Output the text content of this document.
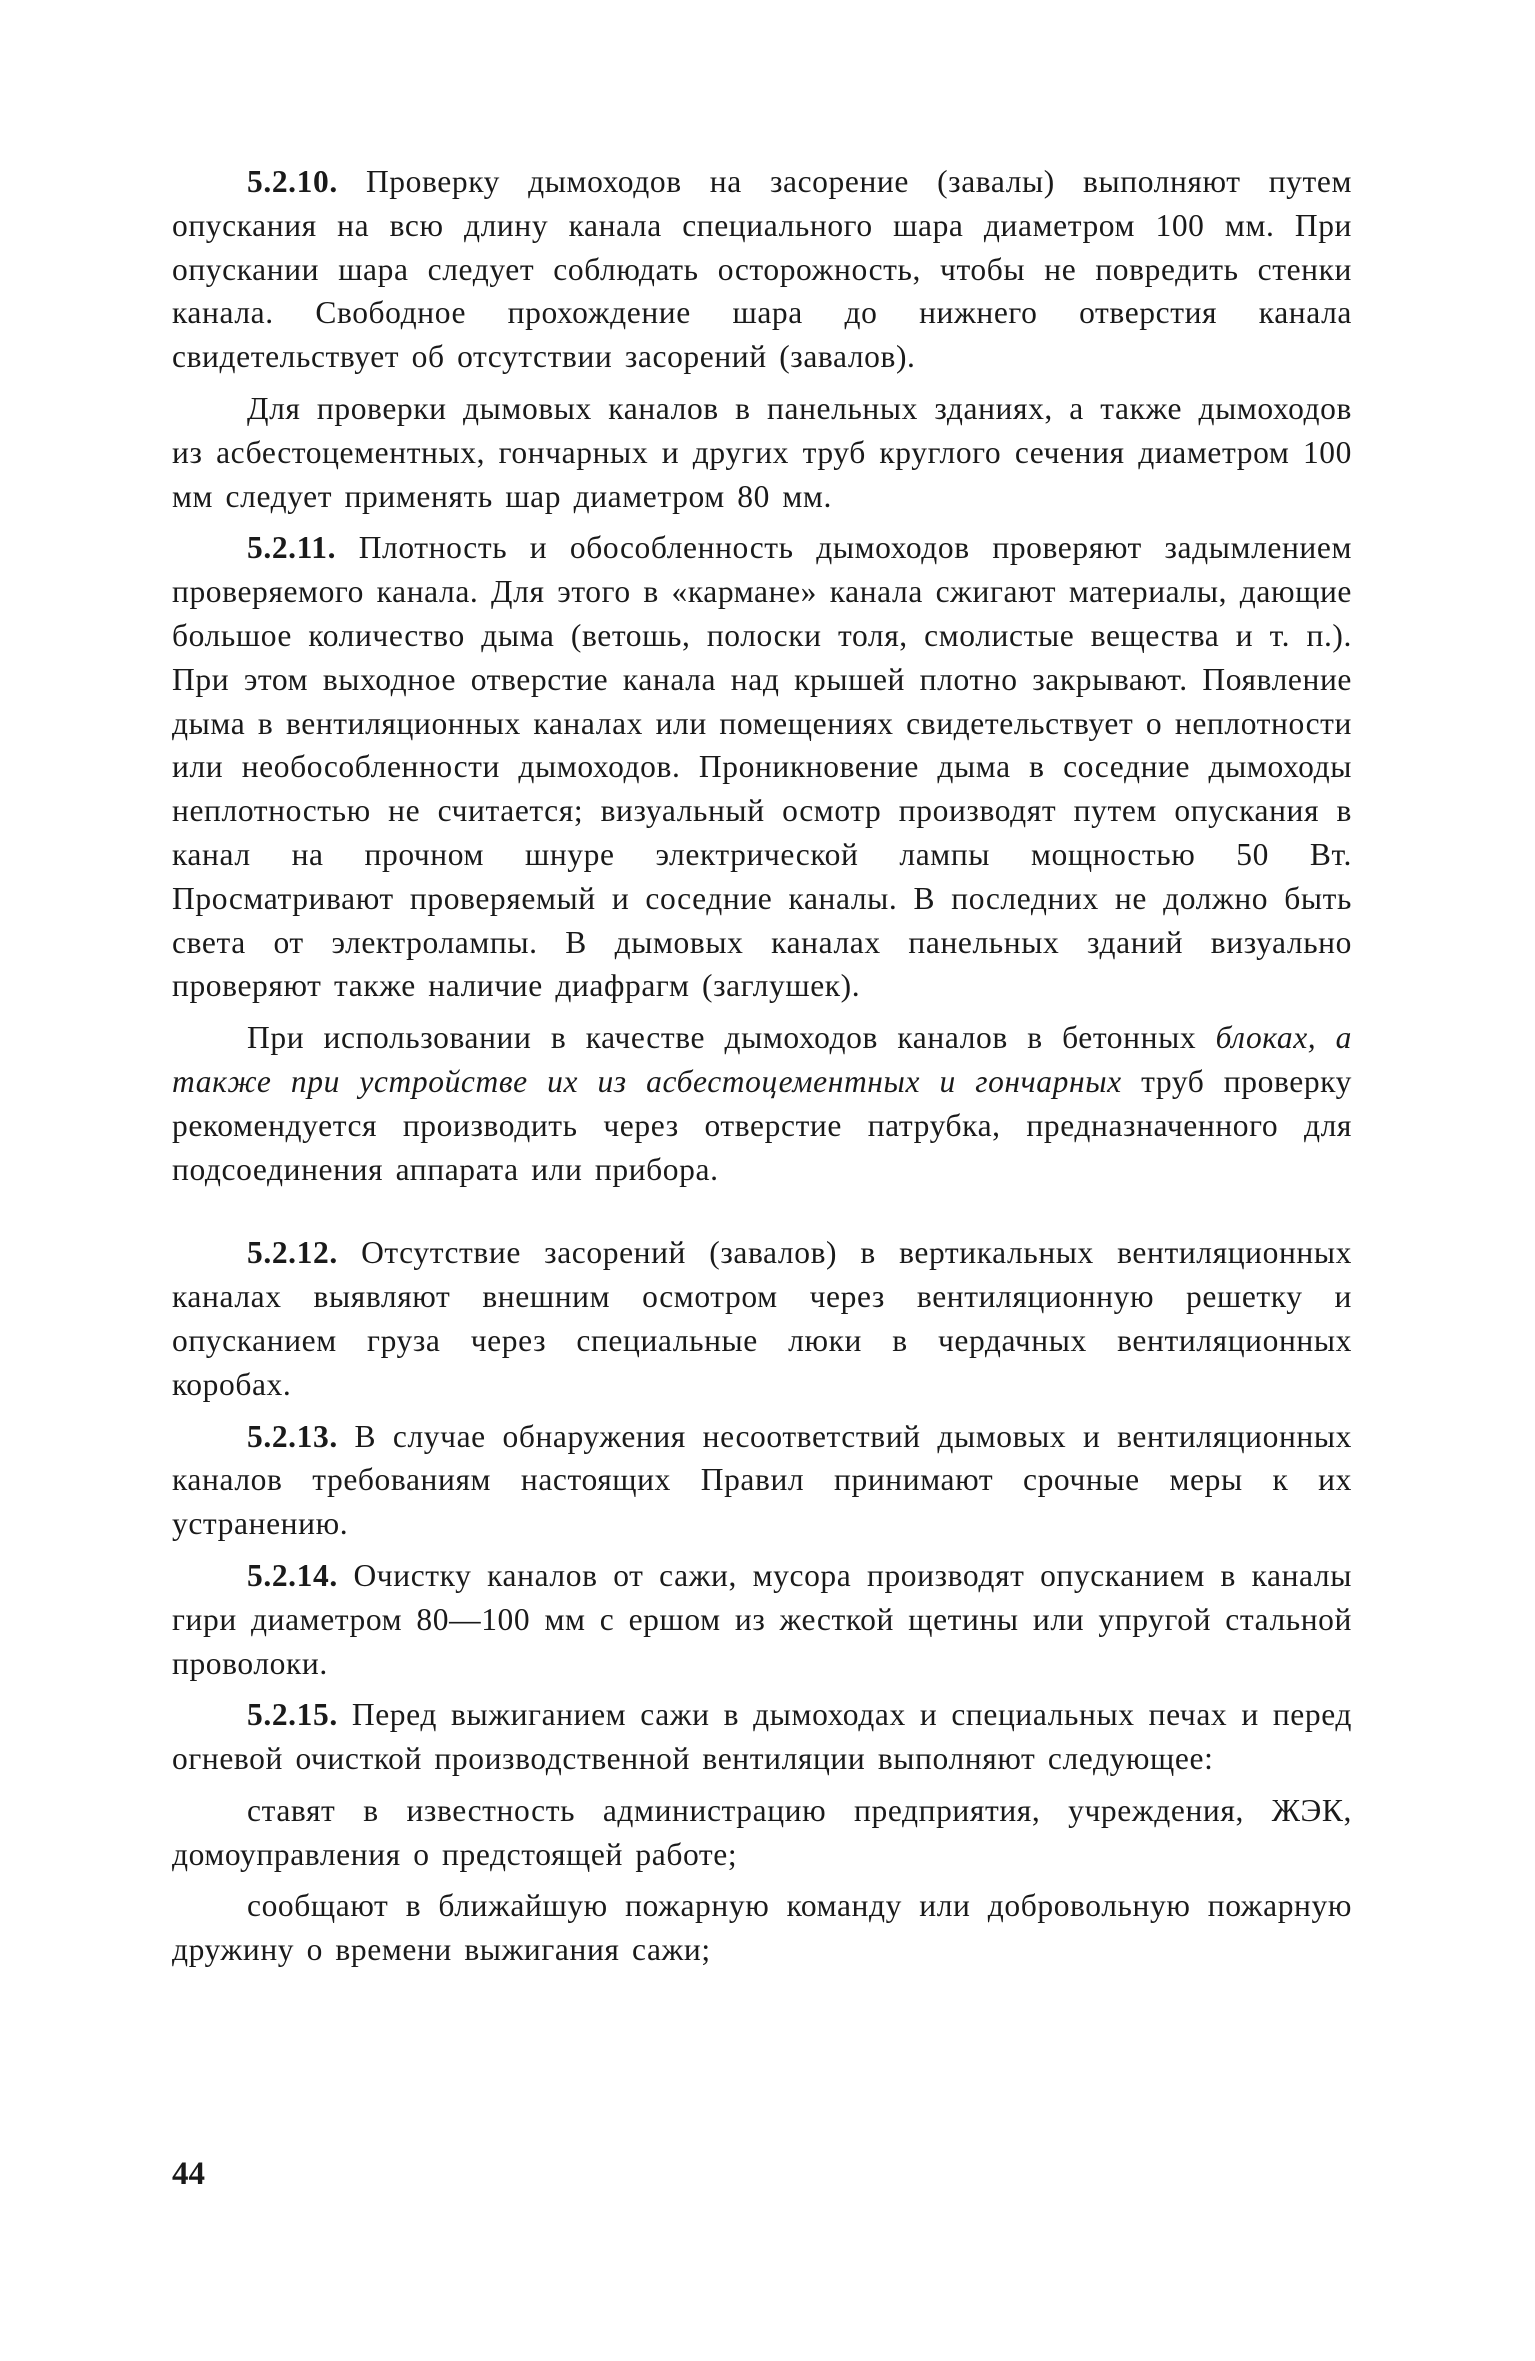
5.2.10. Проверку дымоходов на засорение (завалы) выполняют путем опускания на всю длину канала специального шара диаметром 100 мм. При опускании шара следует соблюдать осторожность, чтобы не повредить стенки канала. Свободное прохождение шара до нижнего отверстия канала свидетельствует об отсутствии засорений (завалов).

Для проверки дымовых каналов в панельных зданиях, а также дымоходов из асбестоцементных, гончарных и других труб круглого сечения диаметром 100 мм следует применять шар диаметром 80 мм.

5.2.11. Плотность и обособленность дымоходов проверяют задымлением проверяемого канала. Для этого в «кармане» канала сжигают материалы, дающие большое количество дыма (ветошь, полоски толя, смолистые вещества и т. п.). При этом выходное отверстие канала над крышей плотно закрывают. Появление дыма в вентиляционных каналах или помещениях свидетельствует о неплотности или необособленности дымоходов. Проникновение дыма в соседние дымоходы неплотностью не считается; визуальный осмотр производят путем опускания в канал на прочном шнуре электрической лампы мощностью 50 Вт. Просматривают проверяемый и соседние каналы. В последних не должно быть света от электролампы. В дымовых каналах панельных зданий визуально проверяют также наличие диафрагм (заглушек).

При использовании в качестве дымоходов каналов в бетонных блоках, а также при устройстве их из асбестоцементных и гончарных труб проверку рекомендуется производить через отверстие патрубка, предназначенного для подсоединения аппарата или прибора.

5.2.12. Отсутствие засорений (завалов) в вертикальных вентиляционных каналах выявляют внешним осмотром через вентиляционную решетку и опусканием груза через специальные люки в чердачных вентиляционных коробах.

5.2.13. В случае обнаружения несоответствий дымовых и вентиляционных каналов требованиям настоящих Правил принимают срочные меры к их устранению.

5.2.14. Очистку каналов от сажи, мусора производят опусканием в каналы гири диаметром 80—100 мм с ершом из жесткой щетины или упругой стальной проволоки.

5.2.15. Перед выжиганием сажи в дымоходах и специальных печах и перед огневой очисткой производственной вентиляции выполняют следующее:

ставят в известность администрацию предприятия, учреждения, ЖЭК, домоуправления о предстоящей работе;

сообщают в ближайшую пожарную команду или добровольную пожарную дружину о времени выжигания сажи;

44
